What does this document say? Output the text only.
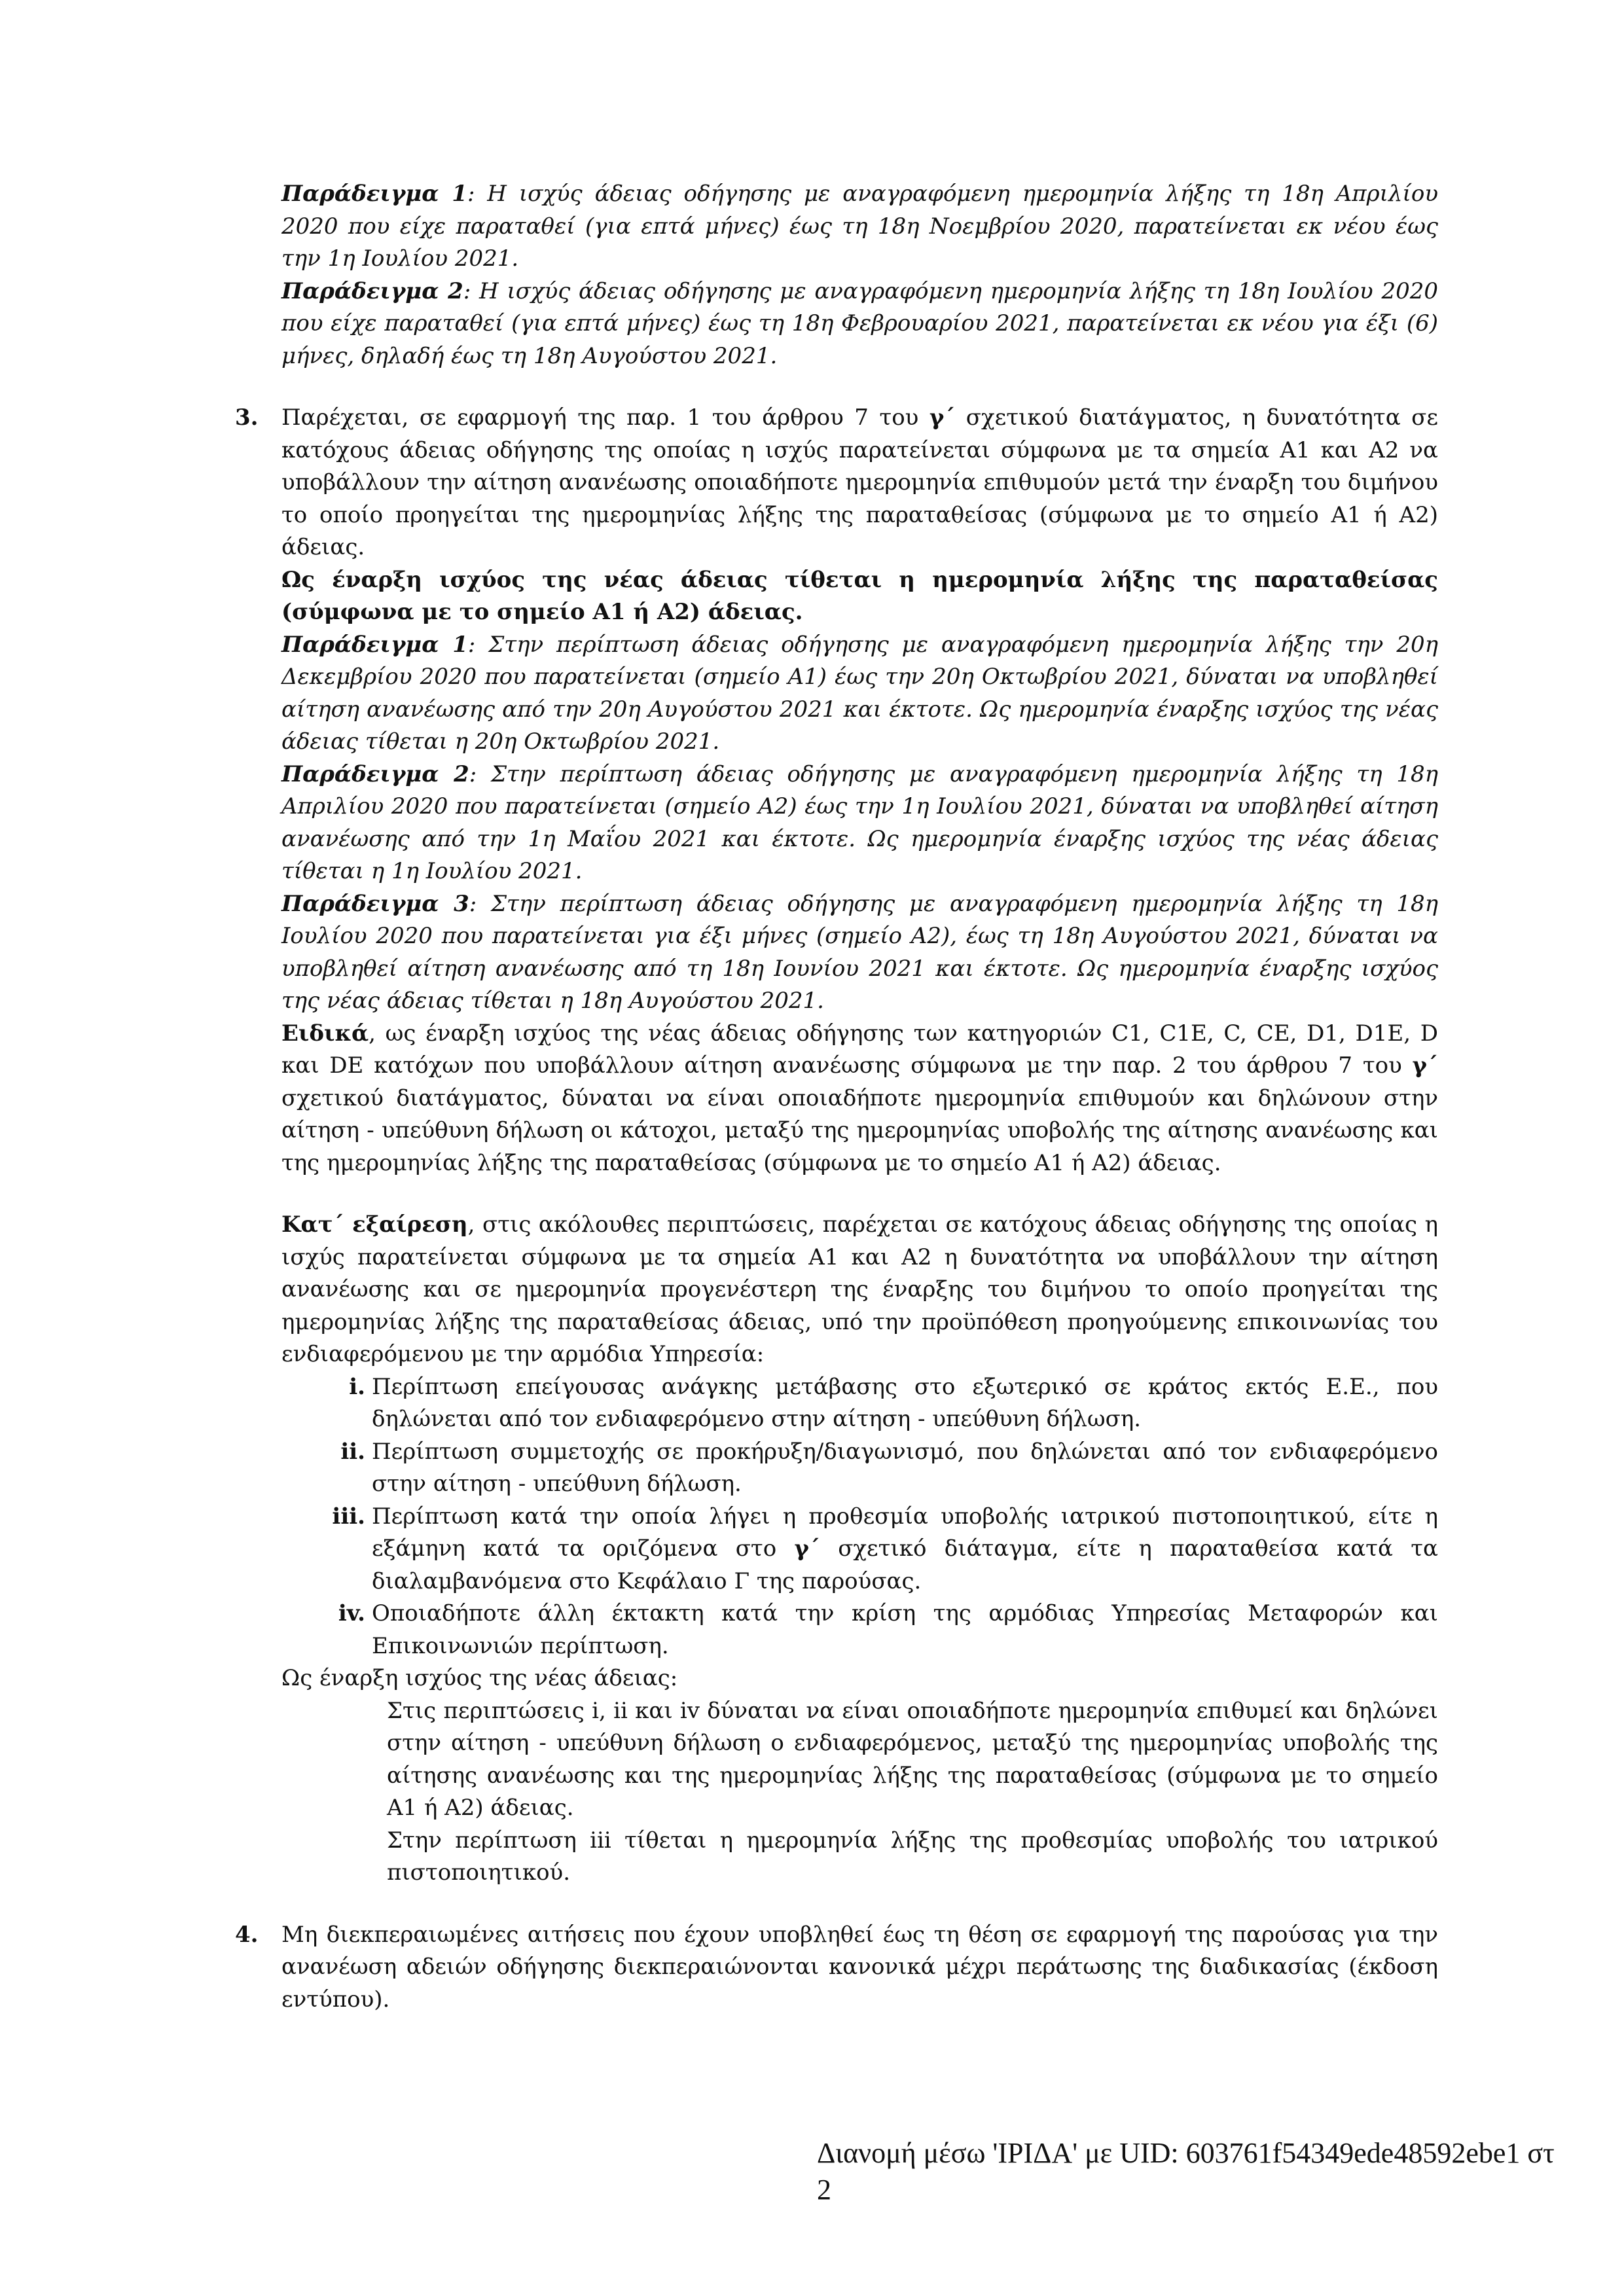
Παράδειγμα 1: Η ισχύς άδειας οδήγησης με αναγραφόμενη ημερομηνία λήξης τη 18η Απριλίου 2020 που είχε παραταθεί (για επτά μήνες) έως τη 18η Νοεμβρίου 2020, παρατείνεται εκ νέου έως την 1η Ιουλίου 2021.

Παράδειγμα 2: Η ισχύς άδειας οδήγησης με αναγραφόμενη ημερομηνία λήξης τη 18η Ιουλίου 2020 που είχε παραταθεί (για επτά μήνες) έως τη 18η Φεβρουαρίου 2021, παρατείνεται εκ νέου για έξι (6) μήνες, δηλαδή έως τη 18η Αυγούστου 2021.

3. Παρέχεται, σε εφαρμογή της παρ. 1 του άρθρου 7 του γ΄ σχετικού διατάγματος, η δυνατότητα σε κατόχους άδειας οδήγησης της οποίας η ισχύς παρατείνεται σύμφωνα με τα σημεία Α1 και Α2 να υποβάλλουν την αίτηση ανανέωσης οποιαδήποτε ημερομηνία επιθυμούν μετά την έναρξη του διμήνου το οποίο προηγείται της ημερομηνίας λήξης της παραταθείσας (σύμφωνα με το σημείο Α1 ή Α2) άδειας.

Ως έναρξη ισχύος της νέας άδειας τίθεται η ημερομηνία λήξης της παραταθείσας (σύμφωνα με το σημείο Α1 ή Α2) άδειας.

Παράδειγμα 1: Στην περίπτωση άδειας οδήγησης με αναγραφόμενη ημερομηνία λήξης την 20η Δεκεμβρίου 2020 που παρατείνεται (σημείο Α1) έως την 20η Οκτωβρίου 2021, δύναται να υποβληθεί αίτηση ανανέωσης από την 20η Αυγούστου 2021 και έκτοτε. Ως ημερομηνία έναρξης ισχύος της νέας άδειας τίθεται η 20η Οκτωβρίου 2021.

Παράδειγμα 2: Στην περίπτωση άδειας οδήγησης με αναγραφόμενη ημερομηνία λήξης τη 18η Απριλίου 2020 που παρατείνεται (σημείο Α2) έως την 1η Ιουλίου 2021, δύναται να υποβληθεί αίτηση ανανέωσης από την 1η Μαΐου 2021 και έκτοτε. Ως ημερομηνία έναρξης ισχύος της νέας άδειας τίθεται η 1η Ιουλίου 2021.

Παράδειγμα 3: Στην περίπτωση άδειας οδήγησης με αναγραφόμενη ημερομηνία λήξης τη 18η Ιουλίου 2020 που παρατείνεται για έξι μήνες (σημείο Α2), έως τη 18η Αυγούστου 2021, δύναται να υποβληθεί αίτηση ανανέωσης από τη 18η Ιουνίου 2021 και έκτοτε. Ως ημερομηνία έναρξης ισχύος της νέας άδειας τίθεται η 18η Αυγούστου 2021.

Ειδικά, ως έναρξη ισχύος της νέας άδειας οδήγησης των κατηγοριών C1, C1E, C, CE, D1, D1E, D και DE κατόχων που υποβάλλουν αίτηση ανανέωσης σύμφωνα με την παρ. 2 του άρθρου 7 του γ΄ σχετικού διατάγματος, δύναται να είναι οποιαδήποτε ημερομηνία επιθυμούν και δηλώνουν στην αίτηση - υπεύθυνη δήλωση οι κάτοχοι, μεταξύ της ημερομηνίας υποβολής της αίτησης ανανέωσης και της ημερομηνίας λήξης της παραταθείσας (σύμφωνα με το σημείο Α1 ή Α2) άδειας.

Κατ΄ εξαίρεση, στις ακόλουθες περιπτώσεις, παρέχεται σε κατόχους άδειας οδήγησης της οποίας η ισχύς παρατείνεται σύμφωνα με τα σημεία Α1 και Α2 η δυνατότητα να υποβάλλουν την αίτηση ανανέωσης και σε ημερομηνία προγενέστερη της έναρξης του διμήνου το οποίο προηγείται της ημερομηνίας λήξης της παραταθείσας άδειας, υπό την προϋπόθεση προηγούμενης επικοινωνίας του ενδιαφερόμενου με την αρμόδια Υπηρεσία:

i. Περίπτωση επείγουσας ανάγκης μετάβασης στο εξωτερικό σε κράτος εκτός Ε.Ε., που δηλώνεται από τον ενδιαφερόμενο στην αίτηση - υπεύθυνη δήλωση.

ii. Περίπτωση συμμετοχής σε προκήρυξη/διαγωνισμό, που δηλώνεται από τον ενδιαφερόμενο στην αίτηση - υπεύθυνη δήλωση.

iii. Περίπτωση κατά την οποία λήγει η προθεσμία υποβολής ιατρικού πιστοποιητικού, είτε η εξάμηνη κατά τα οριζόμενα στο γ΄ σχετικό διάταγμα, είτε η παραταθείσα κατά τα διαλαμβανόμενα στο Κεφάλαιο Γ της παρούσας.

iv. Οποιαδήποτε άλλη έκτακτη κατά την κρίση της αρμόδιας Υπηρεσίας Μεταφορών και Επικοινωνιών περίπτωση.

Ως έναρξη ισχύος της νέας άδειας:

Στις περιπτώσεις i, ii και iv δύναται να είναι οποιαδήποτε ημερομηνία επιθυμεί και δηλώνει στην αίτηση - υπεύθυνη δήλωση ο ενδιαφερόμενος, μεταξύ της ημερομηνίας υποβολής της αίτησης ανανέωσης και της ημερομηνίας λήξης της παραταθείσας (σύμφωνα με το σημείο Α1 ή Α2) άδειας.

Στην περίπτωση iii τίθεται η ημερομηνία λήξης της προθεσμίας υποβολής του ιατρικού πιστοποιητικού.

4. Μη διεκπεραιωμένες αιτήσεις που έχουν υποβληθεί έως τη θέση σε εφαρμογή της παρούσας για την ανανέωση αδειών οδήγησης διεκπεραιώνονται κανονικά μέχρι περάτωσης της διαδικασίας (έκδοση εντύπου).

Διανομή μέσω 'ΙΡΙΔΑ' με UID: 603761f54349ede48592ebe1 στ
2
